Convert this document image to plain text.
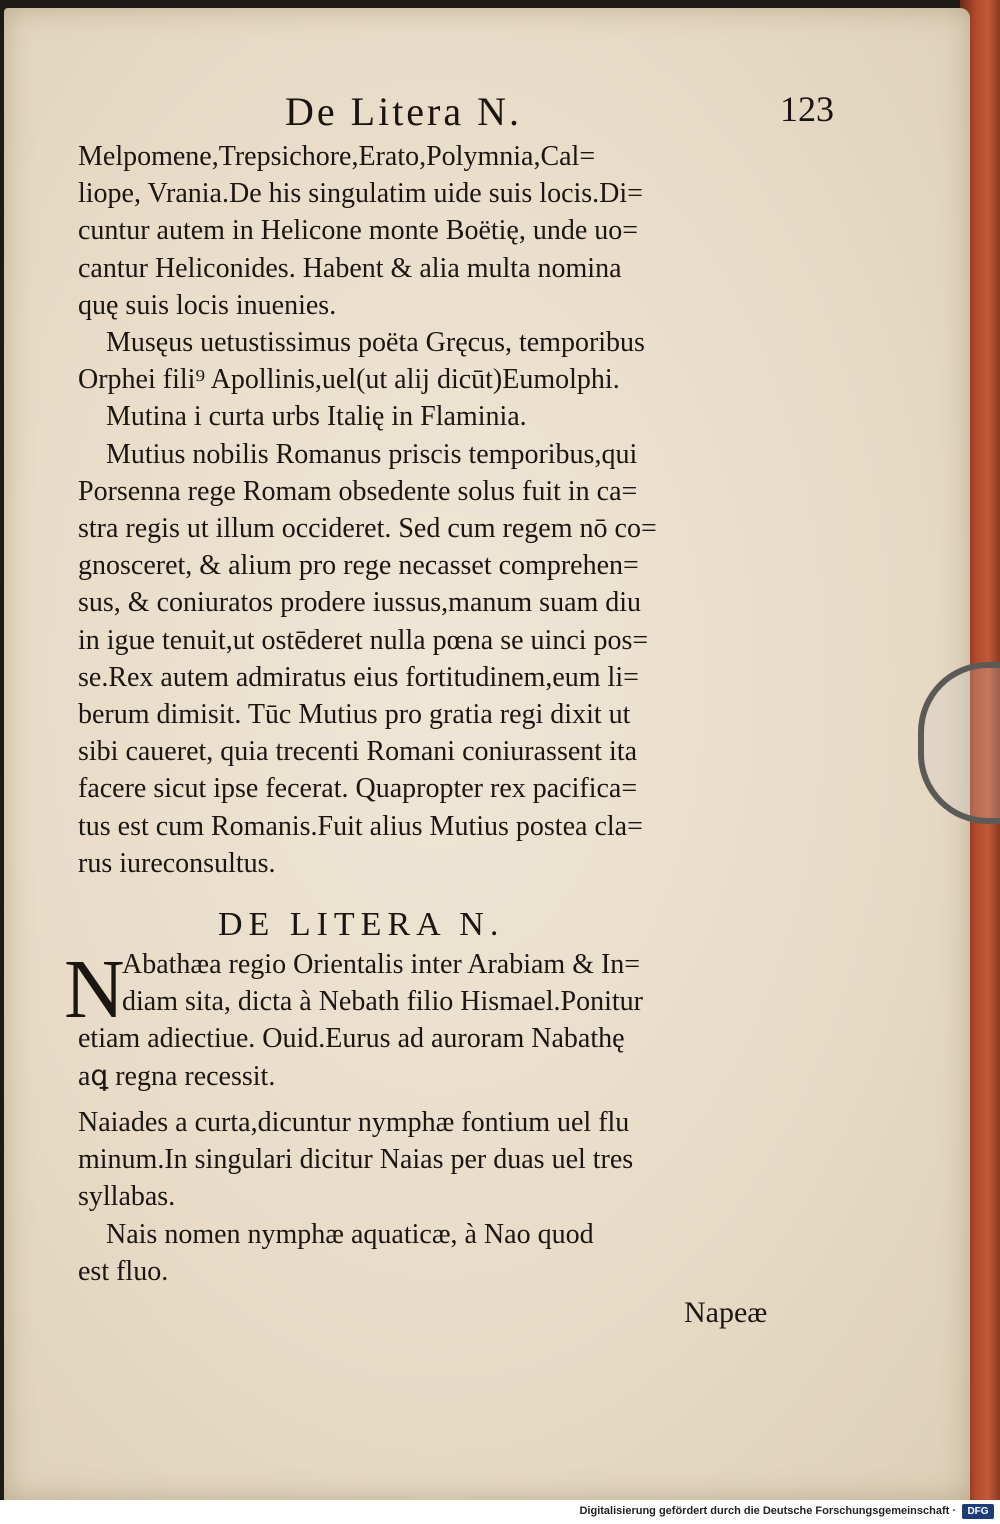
De Litera N.	123
Melpomene,Trepsichore,Erato,Polymnia,Cal=
liope, Vrania.De his singulatim uide suis locis.Di=
cuntur autem in Helicone monte Boëtię, unde uo=
cantur Heliconides. Habent & alia multa nomina
quę suis locis inuenies.
Musęus uetustissimus poëta Gręcus, temporibus
Orphei fili⁹ Apollinis,uel(ut alij dicūt)Eumolphi.
Mutina i curta urbs Italię in Flaminia.
Mutius nobilis Romanus priscis temporibus,qui
Porsenna rege Romam obsedente solus fuit in ca=
stra regis ut illum occideret. Sed cum regem nō co=
gnosceret, & alium pro rege necasset comprehen=
sus, & coniuratos prodere iussus,manum suam diu
in igue tenuit,ut ostēderet nulla pœna se uinci pos=
se.Rex autem admiratus eius fortitudinem,eum li=
berum dimisit. Tūc Mutius pro gratia regi dixit ut
sibi caueret, quia trecenti Romani coniurassent ita
facere sicut ipse fecerat. Quapropter rex pacifica=
tus est cum Romanis.Fuit alius Mutius postea cla=
rus iureconsultus.
DE LITERA N.
N
Abathæa regio Orientalis inter Arabiam & In=
diam sita, dicta à Nebath filio Hismael.Ponitur
etiam adiectiue. Ouid.Eurus ad auroram Nabathę
aꝗ regna recessit.
Naiades a curta,dicuntur nymphæ fontium uel flu
minum.In singulari dicitur Naias per duas uel tres
syllabas.
Nais nomen nymphæ aquaticæ, à Nao quod
est fluo.
Napeæ
Digitalisierung gefördert durch die Deutsche Forschungsgemeinschaft ·	DFG
